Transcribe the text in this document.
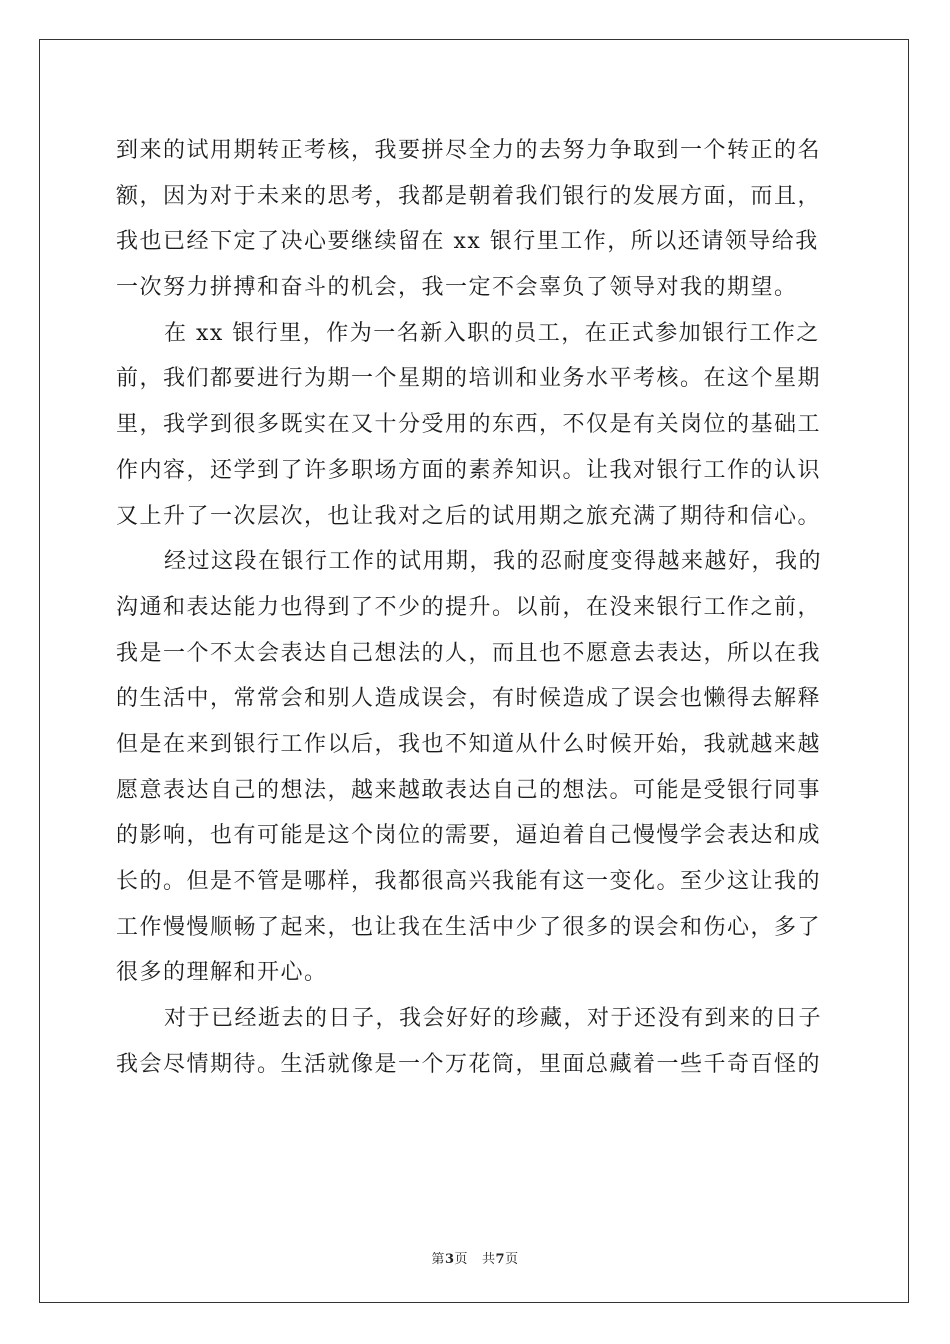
到来的试用期转正考核，我要拼尽全力的去努力争取到一个转正的名
额，因为对于未来的思考，我都是朝着我们银行的发展方面，而且，
我也已经下定了决心要继续留在 xx 银行里工作，所以还请领导给我
一次努力拼搏和奋斗的机会，我一定不会辜负了领导对我的期望。
在 xx 银行里，作为一名新入职的员工，在正式参加银行工作之
前，我们都要进行为期一个星期的培训和业务水平考核。在这个星期
里，我学到很多既实在又十分受用的东西，不仅是有关岗位的基础工
作内容，还学到了许多职场方面的素养知识。让我对银行工作的认识
又上升了一次层次，也让我对之后的试用期之旅充满了期待和信心。
经过这段在银行工作的试用期，我的忍耐度变得越来越好，我的
沟通和表达能力也得到了不少的提升。以前，在没来银行工作之前，
我是一个不太会表达自己想法的人，而且也不愿意去表达，所以在我
的生活中，常常会和别人造成误会，有时候造成了误会也懒得去解释
但是在来到银行工作以后，我也不知道从什么时候开始，我就越来越
愿意表达自己的想法，越来越敢表达自己的想法。可能是受银行同事
的影响，也有可能是这个岗位的需要，逼迫着自己慢慢学会表达和成
长的。但是不管是哪样，我都很高兴我能有这一变化。至少这让我的
工作慢慢顺畅了起来，也让我在生活中少了很多的误会和伤心，多了
很多的理解和开心。
对于已经逝去的日子，我会好好的珍藏，对于还没有到来的日子
我会尽情期待。生活就像是一个万花筒，里面总藏着一些千奇百怪的
第3页 共7页
